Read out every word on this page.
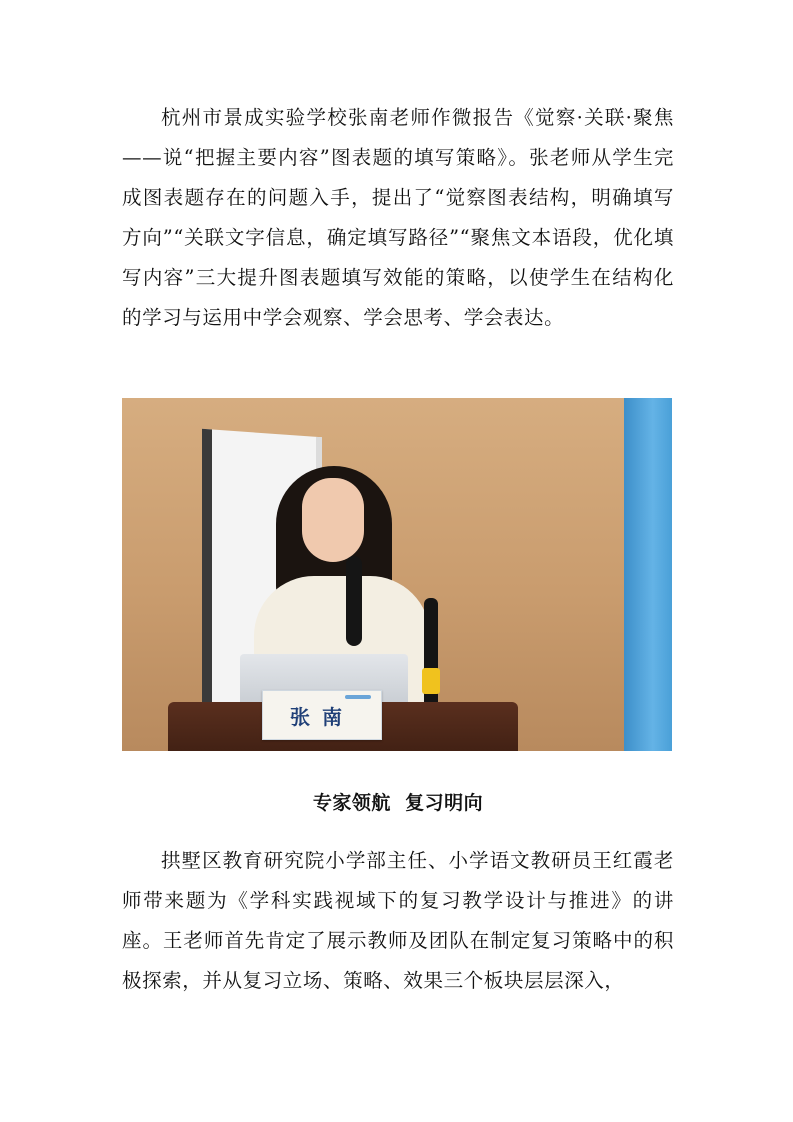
杭州市景成实验学校张南老师作微报告《觉察·关联·聚焦——说“把握主要内容”图表题的填写策略》。张老师从学生完成图表题存在的问题入手，提出了“觉察图表结构，明确填写方向”“关联文字信息，确定填写路径”“聚焦文本语段，优化填写内容”三大提升图表题填写效能的策略，以使学生在结构化的学习与运用中学会观察、学会思考、学会表达。

张南
专家领航  复习明向

拱墅区教育研究院小学部主任、小学语文教研员王红霞老师带来题为《学科实践视域下的复习教学设计与推进》的讲座。王老师首先肯定了展示教师及团队在制定复习策略中的积极探索，并从复习立场、策略、效果三个板块层层深入，
